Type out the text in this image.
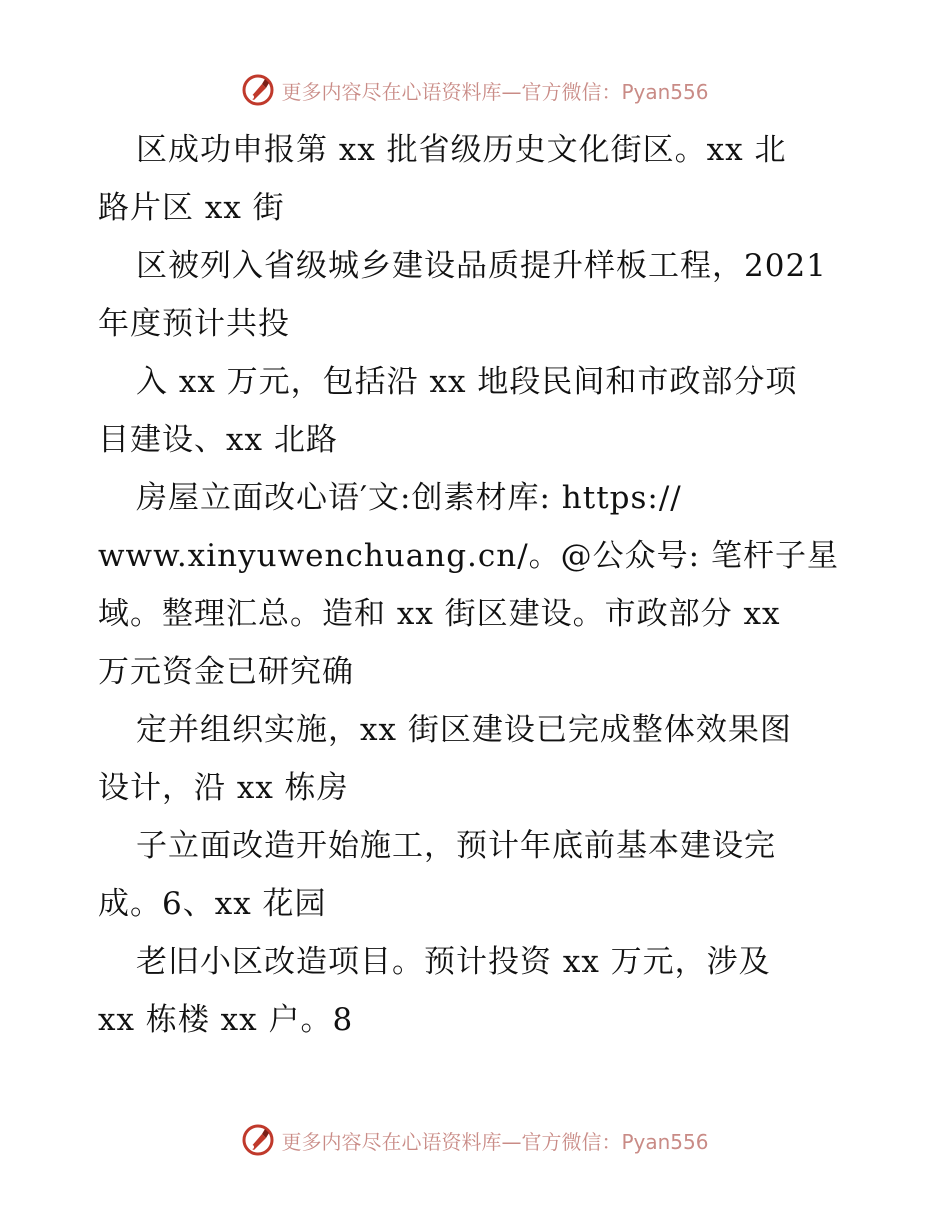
更多内容尽在心语资料库—官方微信：Pyan556
区成功申报第 xx 批省级历史文化街区。xx 北
路片区 xx 街
区被列入省级城乡建设品质提升样板工程，2021
年度预计共投
入 xx 万元，包括沿 xx 地段民间和市政部分项
目建设、xx 北路
房屋立面改心语′文:创素材库: https://
www.xinyuwenchuang.cn/。@公众号: 笔杆子星
域。整理汇总。造和 xx 街区建设。市政部分 xx
万元资金已研究确
定并组织实施，xx 街区建设已完成整体效果图
设计，沿 xx 栋房
子立面改造开始施工，预计年底前基本建设完
成。6、xx 花园
老旧小区改造项目。预计投资 xx 万元，涉及
xx 栋楼 xx 户。8
更多内容尽在心语资料库—官方微信：Pyan556
